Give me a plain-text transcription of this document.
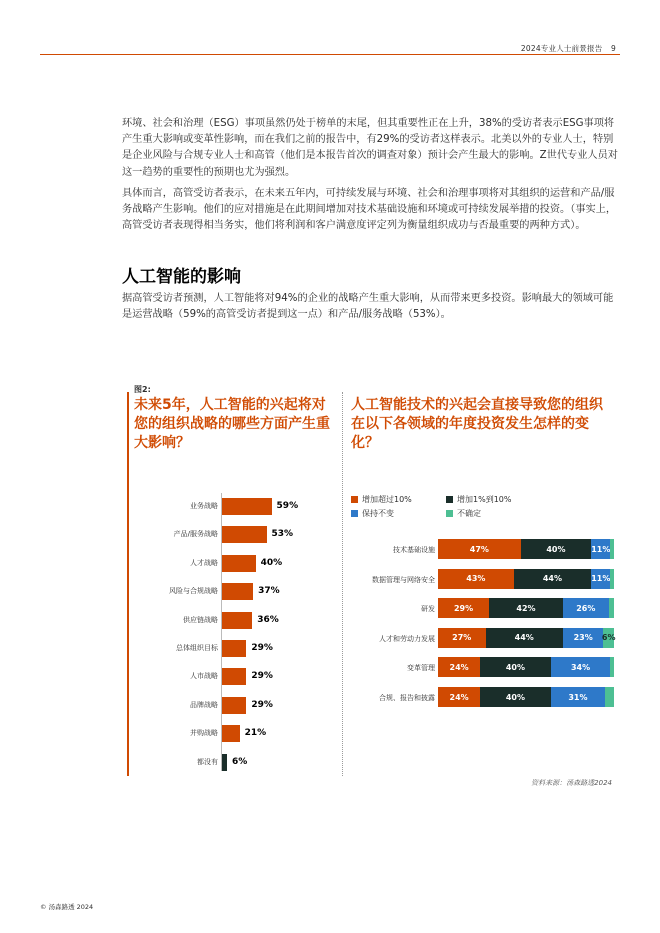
2024专业人士前景报告 9

环境、社会和治理（ESG）事项虽然仍处于榜单的末尾，但其重要性正在上升，38%的受访者表示ESG事项将产生重大影响或变革性影响，而在我们之前的报告中，有29%的受访者这样表示。北美以外的专业人士，特别是企业风险与合规专业人士和高管（他们是本报告首次的调查对象）预计会产生最大的影响。Z世代专业人员对这一趋势的重要性的预期也尤为强烈。

具体而言，高管受访者表示，在未来五年内，可持续发展与环境、社会和治理事项将对其组织的运营和产品/服务战略产生影响。他们的应对措施是在此期间增加对技术基础设施和环境或可持续发展举措的投资。（事实上，高管受访者表现得相当务实，他们将利润和客户满意度评定列为衡量组织成功与否最重要的两种方式）。

人工智能的影响

据高管受访者预测，人工智能将对94%的企业的战略产生重大影响，从而带来更多投资。影响最大的领域可能是运营战略（59%的高管受访者提到这一点）和产品/服务战略（53%）。

图2:
未来5年，人工智能的兴起将对您的组织战略的哪些方面产生重大影响？
人工智能技术的兴起会直接导致您的组织在以下各领域的年度投资发生怎样的变化？
业务战略	59%
产品/服务战略	53%
人才战略	40%
风险与合规战略	37%
供应链战略	36%
总体组织目标	29%
人市战略	29%
品牌战略	29%
并购战略	21%
都没有 6%
增加超过10%	增加1%到10%
保持不变	不确定
技术基础设施	47%	40%	11%
数据管理与网络安全	43%	44%	11%
研发	29%	42%	26%
人才和劳动力发展	27%	44%	23%	6%
变革管理	24%	40%	34%
合规、报告和披露	24%	40%	31%
资料来源：汤森路透2024
© 汤森路透 2024
